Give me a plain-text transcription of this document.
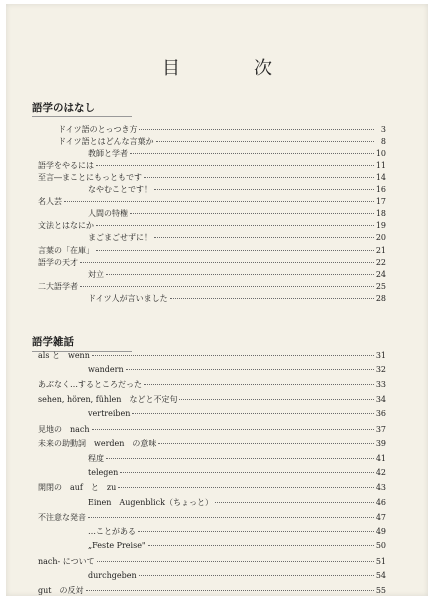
目　次
語学のはなし
ドイツ語のとっつき方	3
ドイツ語とはどんな言葉か	8
教師と学者	10
語学をやるには	11
至言―まことにもっともです	14
なやむことです！	16
名人芸	17
人間の特権	18
文法とはなにか	19
まごまごせずに！	20
言葉の「在庫」	21
語学の天才	22
対立	24
二大語学者	25
ドイツ人が言いました	28
語学雑話
als と　wenn	31
wandern	32
あぶなく…するところだった	33
sehen, hören, fühlen　などと不定句	34
vertreiben	36
見地の　nach	37
未来の助動詞　werden　の意味	39
程度	41
telegen	42
開閉の　auf　と　zu	43
Einen　Augenblick（ちょっと）	46
不注意な発音	47
…ことがある	49
„Feste Preise"	50
nach- について	51
durchgeben	54
gut　の反対	55
